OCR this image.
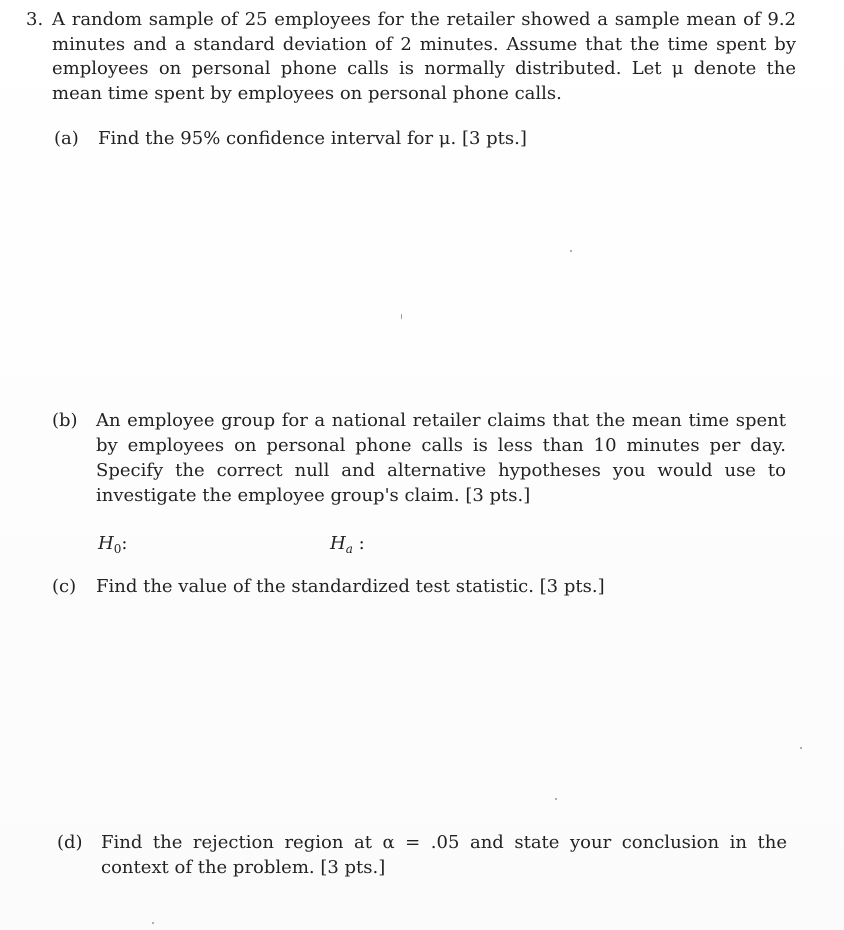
3. A random sample of 25 employees for the retailer showed a sample mean of 9.2 minutes and a standard deviation of 2 minutes. Assume that the time spent by employees on personal phone calls is normally distributed. Let μ denote the mean time spent by employees on personal phone calls.
(a) Find the 95% confidence interval for μ. [3 pts.]
(b) An employee group for a national retailer claims that the mean time spent by employees on personal phone calls is less than 10 minutes per day. Specify the correct null and alternative hypotheses you would use to investigate the employee group's claim. [3 pts.]
$H_0$:	$H_a$ :
(c) Find the value of the standardized test statistic. [3 pts.]
(d) Find the rejection region at α = .05 and state your conclusion in the context of the problem. [3 pts.]
